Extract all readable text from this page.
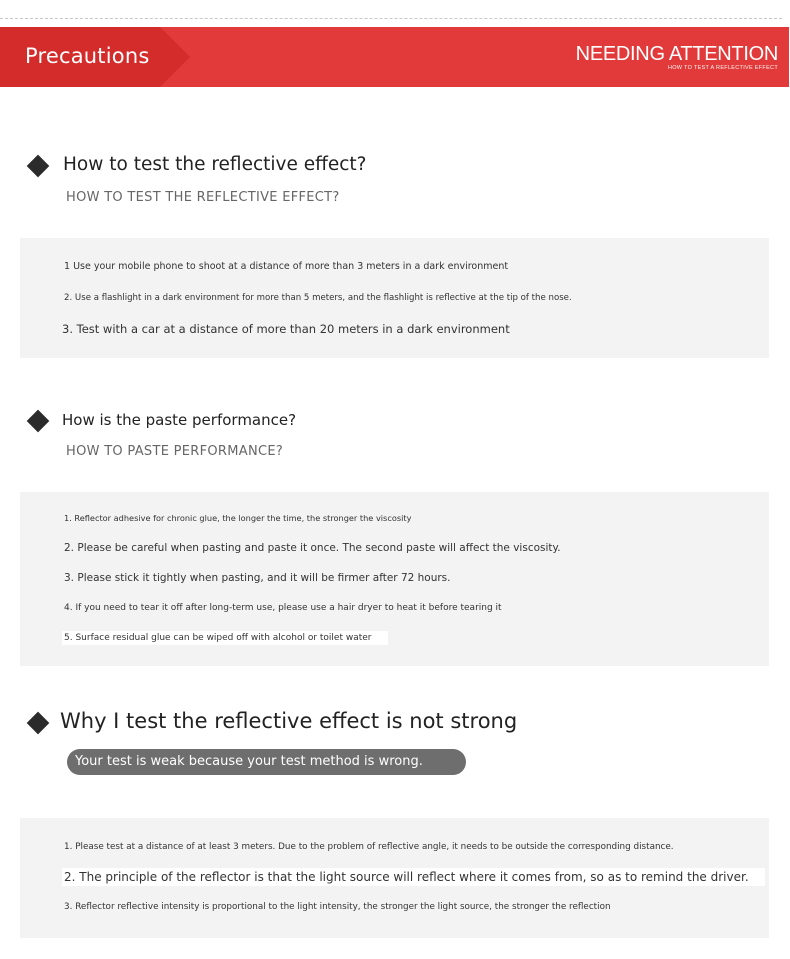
Precautions	NEEDING ATTENTION
HOW TO TEST A REFLECTIVE EFFECT
How to test the reflective effect?
HOW TO TEST THE REFLECTIVE EFFECT?
1 Use your mobile phone to shoot at a distance of more than 3 meters in a dark environment
2. Use a flashlight in a dark environment for more than 5 meters, and the flashlight is reflective at the tip of the nose.
3. Test with a car at a distance of more than 20 meters in a dark environment
How is the paste performance?
HOW TO PASTE PERFORMANCE?
1. Reflector adhesive for chronic glue, the longer the time, the stronger the viscosity
2. Please be careful when pasting and paste it once. The second paste will affect the viscosity.
3. Please stick it tightly when pasting, and it will be firmer after 72 hours.
4. If you need to tear it off after long-term use, please use a hair dryer to heat it before tearing it
5. Surface residual glue can be wiped off with alcohol or toilet water
Why I test the reflective effect is not strong
Your test is weak because your test method is wrong.
1. Please test at a distance of at least 3 meters. Due to the problem of reflective angle, it needs to be outside the corresponding distance.
2. The principle of the reflector is that the light source will reflect where it comes from, so as to remind the driver.
3. Reflector reflective intensity is proportional to the light intensity, the stronger the light source, the stronger the reflection
